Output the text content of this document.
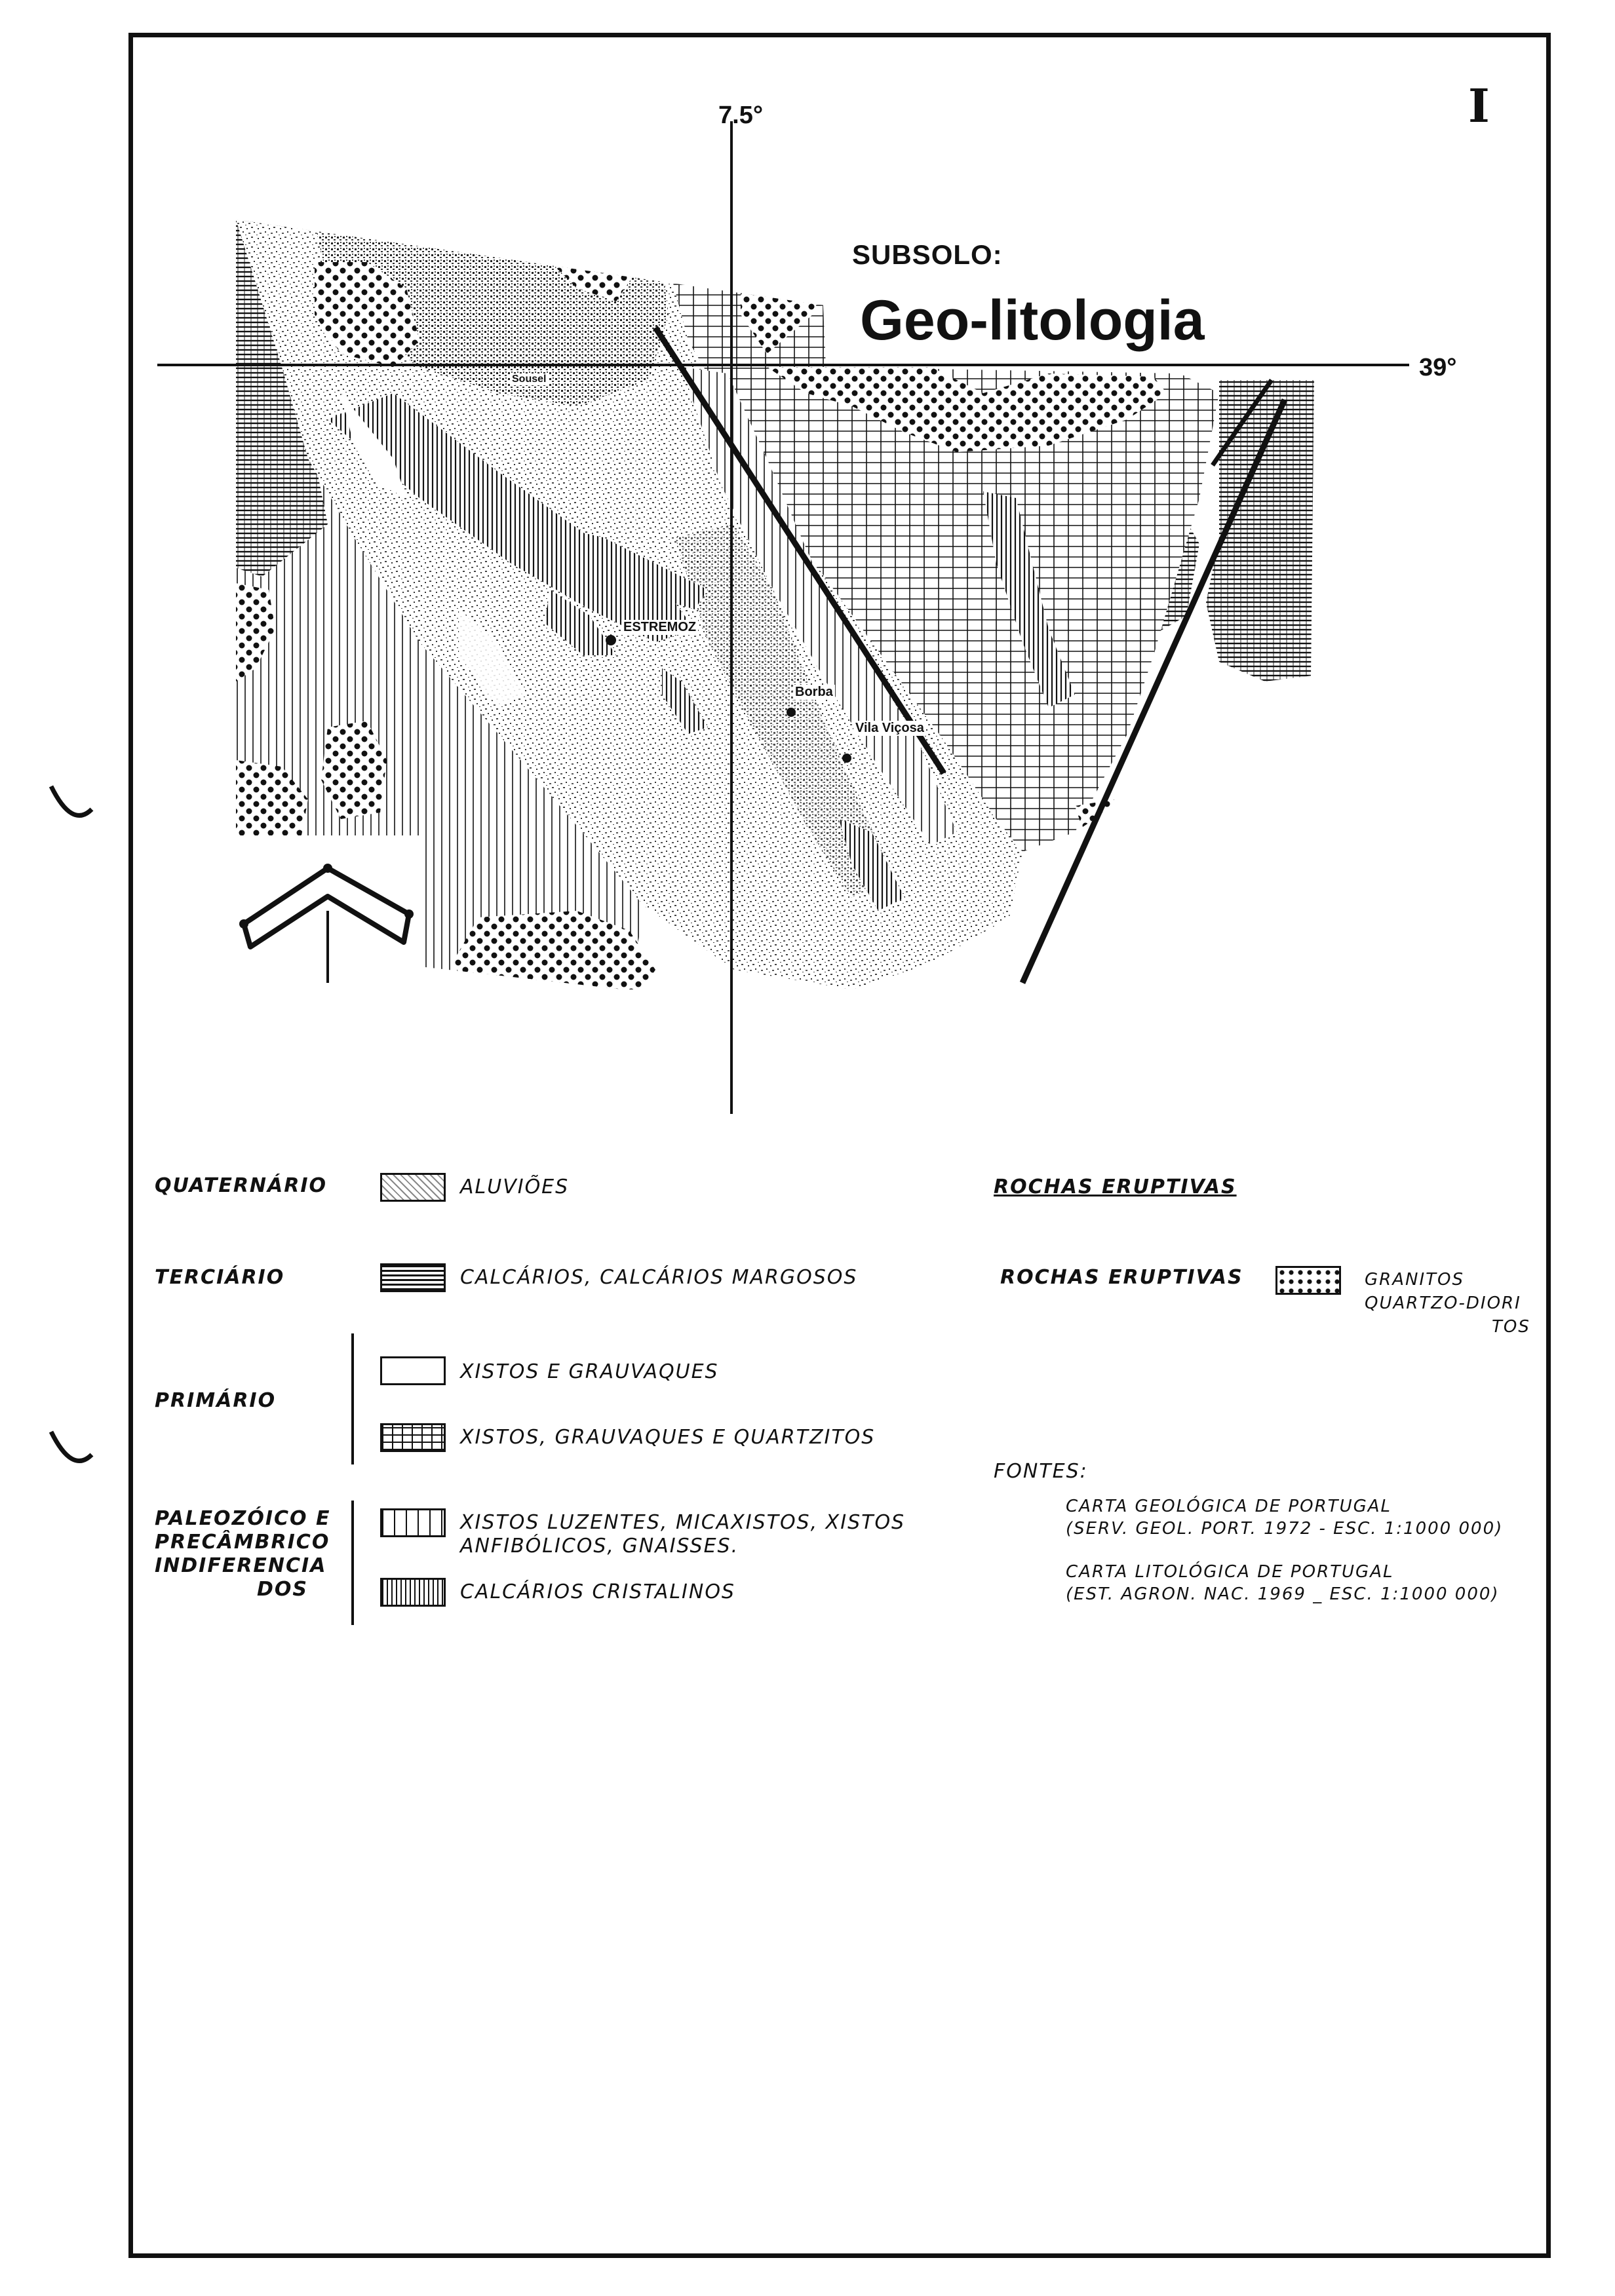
I
7.5°
39°
SUBSOLO:
Geo-litologia
ESTREMOZ
Borba
Vila Viçosa
Sousel
QUATERNÁRIO	ALUVIÕES
TERCIÁRIO	CALCÁRIOS, CALCÁRIOS MARGOSOS
PRIMÁRIO
XISTOS E GRAUVAQUES
XISTOS, GRAUVAQUES E QUARTZITOS
PALEOZÓICO E
PRECÂMBRICO
INDIFERENCIA
DOS
XISTOS LUZENTES, MICAXISTOS, XISTOS
ANFIBÓLICOS, GNAISSES.
CALCÁRIOS CRISTALINOS
ROCHAS ERUPTIVAS
ROCHAS ERUPTIVAS	GRANITOS
QUARTZO-DIORI
TOS
FONTES:
CARTA GEOLÓGICA DE PORTUGAL
(SERV. GEOL. PORT. 1972 - ESC. 1:1000 000)
CARTA LITOLÓGICA DE PORTUGAL
(EST. AGRON. NAC. 1969 _ ESC. 1:1000 000)
